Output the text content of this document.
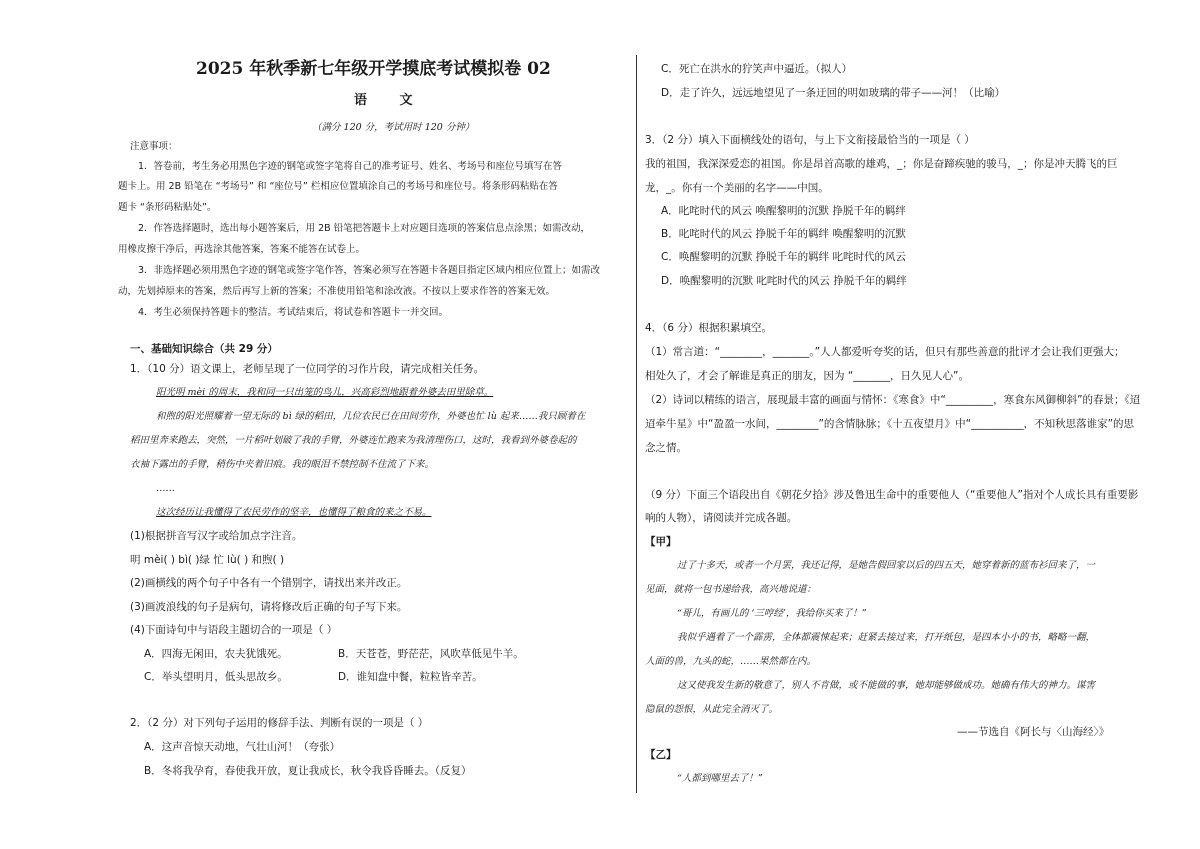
2025 年秋季新七年级开学摸底考试模拟卷 02
语 文
（满分 120 分，考试用时 120 分钟）
注意事项：
1．答卷前，考生务必用黑色字迹的钢笔或签字笔将自己的准考证号、姓名、考场号和座位号填写在答
题卡上。用 2B 铅笔在 “考场号” 和 “座位号” 栏相应位置填涂自己的考场号和座位号。将条形码粘贴在答
题卡 “条形码粘贴处”。
2．作答选择题时，选出每小题答案后，用 2B 铅笔把答题卡上对应题目选项的答案信息点涂黑；如需改动，
用橡皮擦干净后，再选涂其他答案，答案不能答在试卷上。
3．非选择题必须用黑色字迹的钢笔或签字笔作答，答案必须写在答题卡各题目指定区域内相应位置上；如需改
动，先划掉原来的答案，然后再写上新的答案；不准使用铅笔和涂改液。不按以上要求作答的答案无效。
4．考生必须保持答题卡的整洁。考试结束后，将试卷和答题卡一并交回。
一、基础知识综合（共 29 分）
1．（10 分）语文课上，老师呈现了一位同学的习作片段，请完成相关任务。
阳光明 mèi 的周末，我和同一只出笼的鸟儿，兴高彩烈地跟着外婆去田里除草。
和煦的阳光照耀着一望无际的 bì 绿的稻田，几位农民已在田间劳作，外婆也忙 lù 起来……我只顾着在
稻田里奔来跑去，突然，一片稻叶划破了我的手臂，外婆连忙跑来为我清理伤口，这时，我看到外婆卷起的
衣袖下露出的手臂，稍伤中夹着旧痕。我的眼泪不禁控制不住流了下来。
……
这次经历让我懂得了农民劳作的坚辛，也懂得了粮食的来之不易。
(1)根据拼音写汉字或给加点字注音。
明 mèi( ) bì( )绿 忙 lù( ) 和煦( )
(2)画横线的两个句子中各有一个错别字，请找出来并改正。
(3)画波浪线的句子是病句，请将修改后正确的句子写下来。
(4)下面诗句中与语段主题切合的一项是（ ）
A．四海无闲田，农夫犹饿死。	B．天苍苍，野茫茫，风吹草低见牛羊。
C．举头望明月，低头思故乡。	D．谁知盘中餐，粒粒皆辛苦。
2．（2 分）对下列句子运用的修辞手法、判断有误的一项是（ ）
A．这声音惊天动地，气壮山河！（夸张）
B．冬将我孕育，春使我开放，夏让我成长，秋令我昏昏睡去。（反复）
C．死亡在洪水的狞笑声中逼近。（拟人）
D．走了许久，远远地望见了一条迂回的明如玻璃的带子——河！（比喻）
3．（2 分）填入下面横线处的语句，与上下文衔接最恰当的一项是（ ）
我的祖国，我深深爱恋的祖国。你是昂首高歌的雄鸡，_；你是奋蹄疾驰的骏马，_；你是冲天腾飞的巨
龙，_。你有一个美丽的名字——中国。
A．叱咤时代的风云 唤醒黎明的沉默 挣脱千年的羁绊
B．叱咤时代的风云 挣脱千年的羁绊 唤醒黎明的沉默
C．唤醒黎明的沉默 挣脱千年的羁绊 叱咤时代的风云
D．唤醒黎明的沉默 叱咤时代的风云 挣脱千年的羁绊
4．（6 分）根据积累填空。
（1）常言道：“________，_______。”人人都爱听夸奖的话，但只有那些善意的批评才会让我们更强大；
相处久了，才会了解谁是真正的朋友，因为 “_______，日久见人心”。
（2）诗词以精练的语言，展现最丰富的画面与情怀：《寒食》中“_________，寒食东风御柳斜”的春景；《迢
迢牵牛星》中“盈盈一水间，________”的含情脉脉；《十五夜望月》中“__________，不知秋思落谁家”的思
念之情。
（9 分）下面三个语段出自《朝花夕拾》涉及鲁迅生命中的重要他人（“重要他人”指对个人成长具有重要影
响的人物），请阅读并完成各题。
【甲】
过了十多天，或者一个月罢，我还记得，是她告假回家以后的四五天，她穿着新的蓝布衫回来了，一
见面，就将一包书递给我，高兴地说道：
“哥儿，有画儿的 ‘三哼经’，我给你买来了！”
我似乎遇着了一个霹雳，全体都震悚起来；赶紧去接过来，打开纸包，是四本小小的书，略略一翻，
人面的兽，九头的蛇，……果然都在内。
这又使我发生新的敬意了，别人不肯做，或不能做的事，她却能够做成功。她确有伟大的神力。谋害
隐鼠的怨恨，从此完全消灭了。
——节选自《阿长与〈山海经〉》
【乙】
“人都到哪里去了！”
